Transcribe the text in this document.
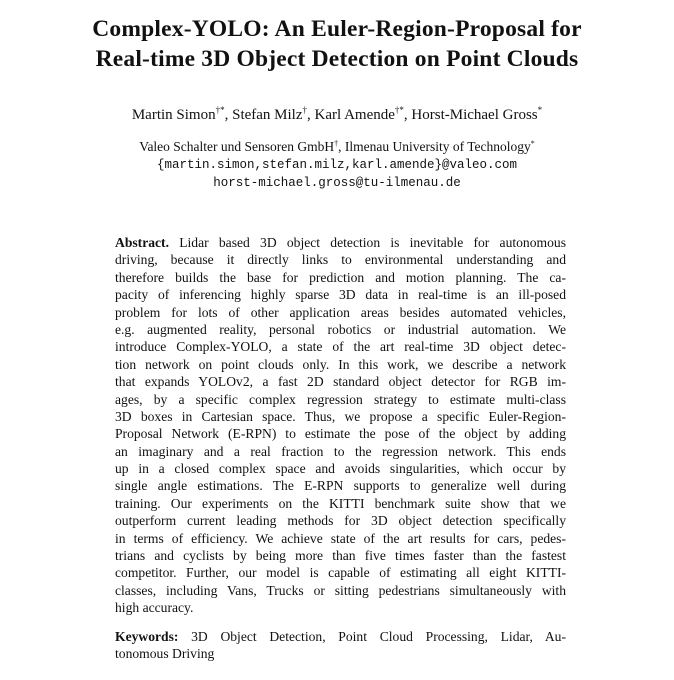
Complex-YOLO: An Euler-Region-Proposal for
Real-time 3D Object Detection on Point Clouds
Martin Simon†*, Stefan Milz†, Karl Amende†*, Horst-Michael Gross*
Valeo Schalter und Sensoren GmbH†, Ilmenau University of Technology*
{martin.simon,stefan.milz,karl.amende}@valeo.com
horst-michael.gross@tu-ilmenau.de
Abstract. Lidar based 3D object detection is inevitable for autonomous
driving, because it directly links to environmental understanding and
therefore builds the base for prediction and motion planning. The ca-
pacity of inferencing highly sparse 3D data in real-time is an ill-posed
problem for lots of other application areas besides automated vehicles,
e.g. augmented reality, personal robotics or industrial automation. We
introduce Complex-YOLO, a state of the art real-time 3D object detec-
tion network on point clouds only. In this work, we describe a network
that expands YOLOv2, a fast 2D standard object detector for RGB im-
ages, by a specific complex regression strategy to estimate multi-class
3D boxes in Cartesian space. Thus, we propose a specific Euler-Region-
Proposal Network (E-RPN) to estimate the pose of the object by adding
an imaginary and a real fraction to the regression network. This ends
up in a closed complex space and avoids singularities, which occur by
single angle estimations. The E-RPN supports to generalize well during
training. Our experiments on the KITTI benchmark suite show that we
outperform current leading methods for 3D object detection specifically
in terms of efficiency. We achieve state of the art results for cars, pedes-
trians and cyclists by being more than five times faster than the fastest
competitor. Further, our model is capable of estimating all eight KITTI-
classes, including Vans, Trucks or sitting pedestrians simultaneously with
high accuracy.
Keywords: 3D Object Detection, Point Cloud Processing, Lidar, Au-
tonomous Driving
